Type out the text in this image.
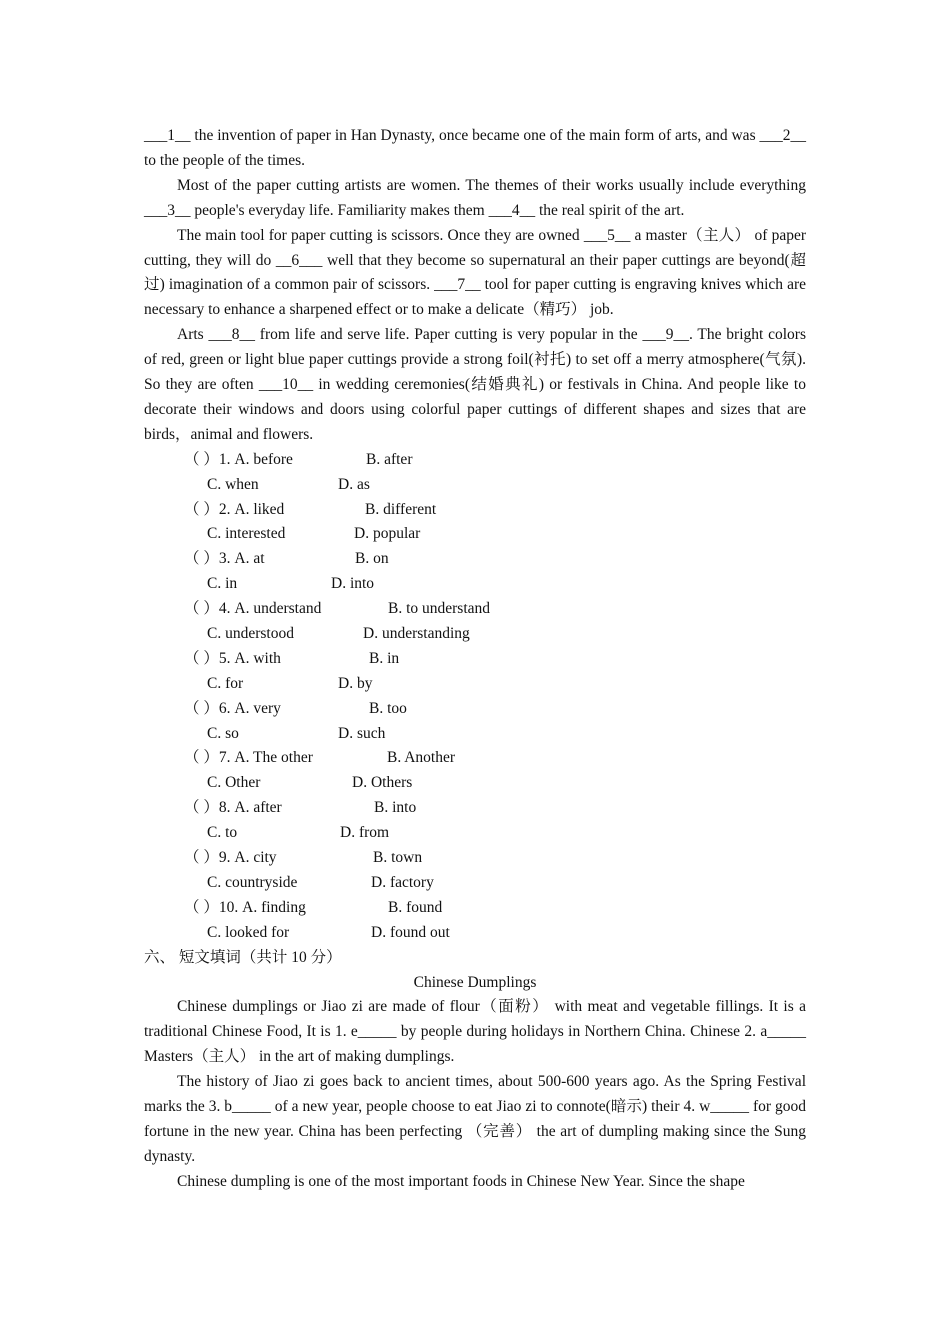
___1__ the invention of paper in Han Dynasty, once became one of the main form of arts, and was ___2__ to the people of the times.

Most of the paper cutting artists are women. The themes of their works usually include everything ___3__ people's everyday life. Familiarity makes them ___4__ the real spirit of the art.

The main tool for paper cutting is scissors. Once they are owned ___5__ a master（主人） of paper cutting, they will do __6___ well that they become so supernatural an their paper cuttings are beyond(超过) imagination of a common pair of scissors. ___7__ tool for paper cutting is engraving knives which are necessary to enhance a sharpened effect or to make a delicate（精巧） job.

Arts ___8__ from life and serve life. Paper cutting is very popular in the ___9__. The bright colors of red, green or light blue paper cuttings provide a strong foil(衬托) to set off a merry atmosphere(气氛). So they are often ___10__ in wedding ceremonies(结婚典礼) or festivals in China. And people like to decorate their windows and doors using colorful paper cuttings of different shapes and sizes that are birds，animal and flowers.

（ ）1. A. before	B. after
C. when	D. as
（ ）2. A. liked	B. different
C. interested	D. popular
（ ）3. A. at	B. on
C. in	D. into
（ ）4. A. understand	B. to understand
C. understood	D. understanding
（ ）5. A. with	B. in
C. for	D. by
（ ）6. A. very	B. too
C. so	D. such
（ ）7. A. The other	B. Another
C. Other	D. Others
（ ）8. A. after	B. into
C. to	D. from
（ ）9. A. city	B. town
C. countryside	D. factory
（ ）10. A. finding	B. found
C. looked for	D. found out

六、 短文填词（共计 10 分）

Chinese Dumplings

Chinese dumplings or Jiao zi are made of flour（面粉） with meat and vegetable fillings. It is a traditional Chinese Food, It is 1. e_____ by people during holidays in Northern China. Chinese 2. a_____ Masters（主人） in the art of making dumplings.

The history of Jiao zi goes back to ancient times, about 500-600 years ago. As the Spring Festival marks the 3. b_____ of a new year, people choose to eat Jiao zi to connote(暗示) their 4. w_____ for good fortune in the new year. China has been perfecting （完善） the art of dumpling making since the Sung dynasty.

Chinese dumpling is one of the most important foods in Chinese New Year. Since the shape
